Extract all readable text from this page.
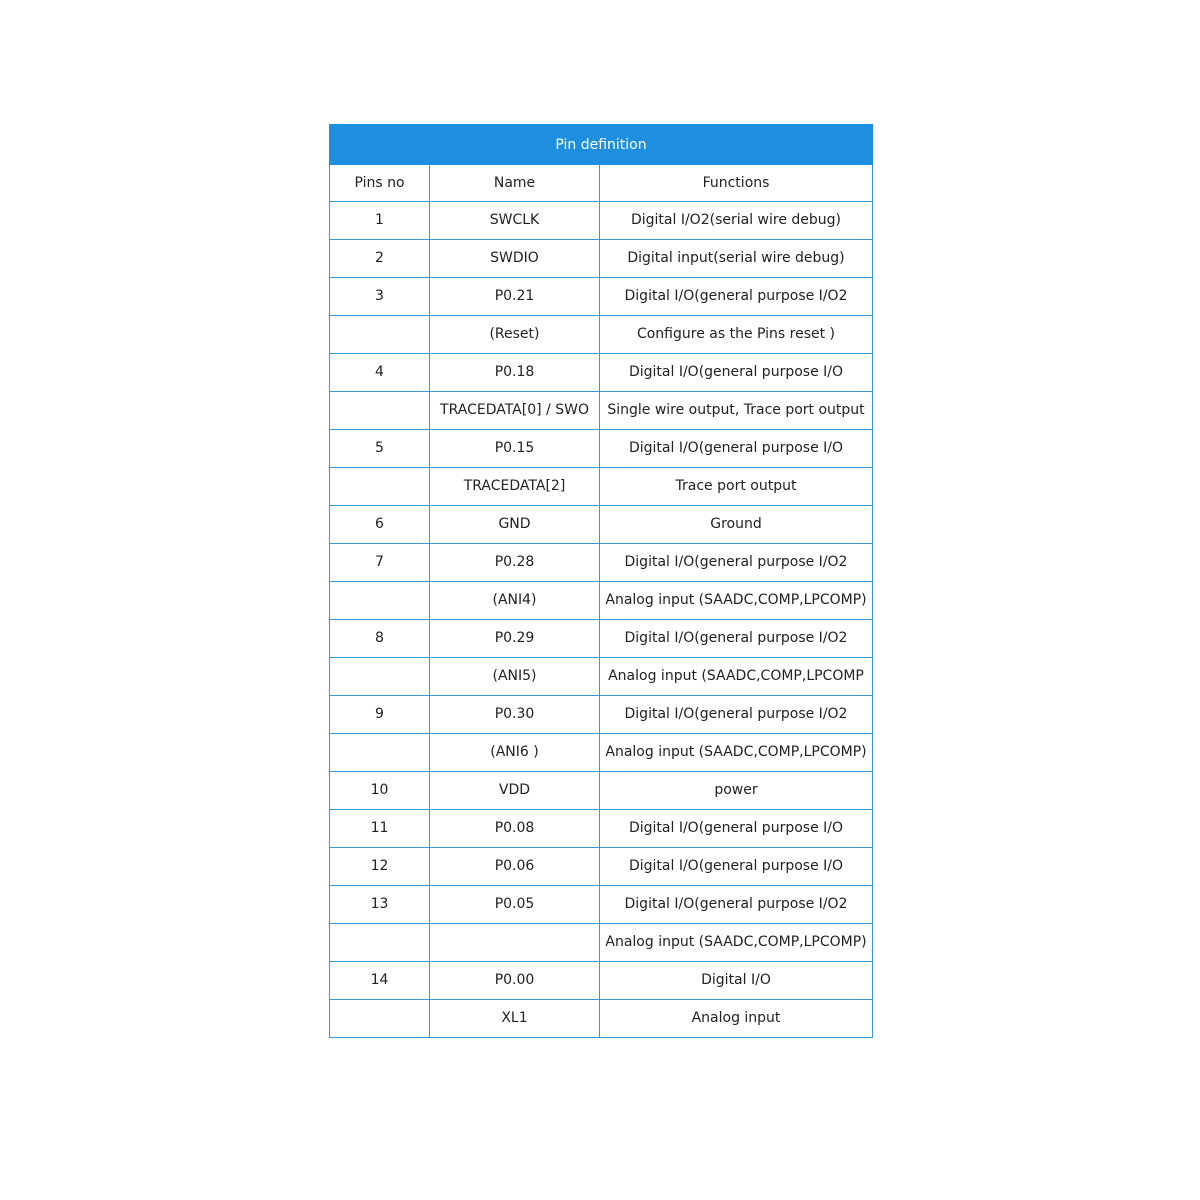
Pin definition		
Pins no	Name	Functions
1	SWCLK	Digital I/O2(serial wire debug)
2	SWDIO	Digital input(serial wire debug)
3	P0.21	Digital I/O(general purpose I/O2
	(Reset)	Configure as the Pins reset )
4	P0.18	Digital I/O(general purpose I/O
	TRACEDATA[0] / SWO	Single wire output, Trace port output
5	P0.15	Digital I/O(general purpose I/O
	TRACEDATA[2]	Trace port output
6	GND	Ground
7	P0.28	Digital I/O(general purpose I/O2
	(ANI4)	Analog input (SAADC,COMP,LPCOMP)
8	P0.29	Digital I/O(general purpose I/O2
	(ANI5)	Analog input (SAADC,COMP,LPCOMP
9	P0.30	Digital I/O(general purpose I/O2
	(ANI6 )	Analog input (SAADC,COMP,LPCOMP)
10	VDD	power
11	P0.08	Digital I/O(general purpose I/O
12	P0.06	Digital I/O(general purpose I/O
13	P0.05	Digital I/O(general purpose I/O2
		Analog input (SAADC,COMP,LPCOMP)
14	P0.00	Digital I/O
	XL1	Analog input
